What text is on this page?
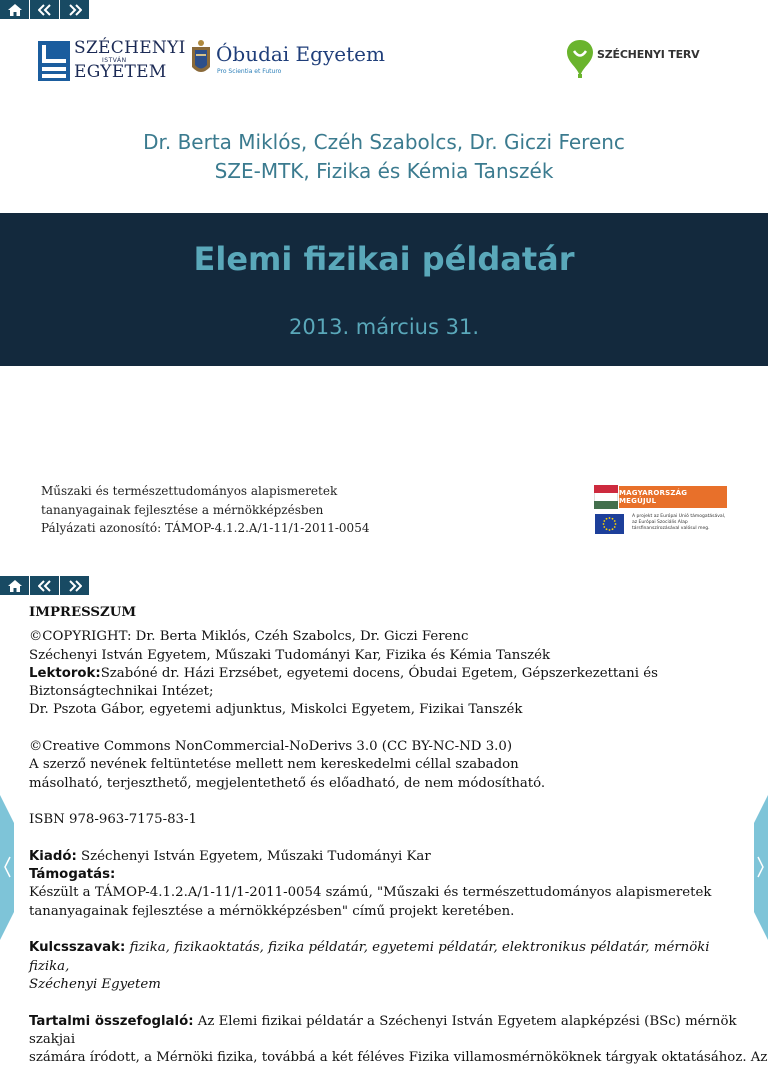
SZÉCHENYI
ISTVÁN
EGYETEM
Óbudai Egyetem
Pro Scientia et Futuro
SZÉCHENYI TERV
Dr. Berta Miklós, Czéh Szabolcs, Dr. Giczi Ferenc
SZE-MTK, Fizika és Kémia Tanszék
Elemi fizikai példatár
2013. március 31.
Műszaki és természettudományos alapismeretek
tananyagainak fejlesztése a mérnökképzésben
Pályázati azonosító: TÁMOP-4.1.2.A/1-11/1-2011-0054
MAGYARORSZÁG MEGÚJUL
A projekt az Európai Unió támogatásával, az Európai Szociális Alap társfinanszírozásával valósul meg.

IMPRESSZUM

©COPYRIGHT: Dr. Berta Miklós, Czéh Szabolcs, Dr. Giczi Ferenc

Széchenyi István Egyetem, Műszaki Tudományi Kar, Fizika és Kémia Tanszék

Lektorok:Szabóné dr. Házi Erzsébet, egyetemi docens, Óbudai Egetem, Gépszerkezettani és

Biztonságtechnikai Intézet;

Dr. Pszota Gábor, egyetemi adjunktus, Miskolci Egyetem, Fizikai Tanszék

©Creative Commons NonCommercial-NoDerivs 3.0 (CC BY-NC-ND 3.0)

A szerző nevének feltüntetése mellett nem kereskedelmi céllal szabadon

másolható, terjeszthető, megjelentethető és előadható, de nem módosítható.

ISBN 978-963-7175-83-1

Kiadó: Széchenyi István Egyetem, Műszaki Tudományi Kar

Támogatás:

Készült a TÁMOP-4.1.2.A/1-11/1-2011-0054 számú, "Műszaki és természettudományos alapismeretek

tananyagainak fejlesztése a mérnökképzésben" című projekt keretében.

Kulcsszavak: fizika, fizikaoktatás, fizika példatár, egyetemi példatár, elektronikus példatár, mérnöki fizika,

Széchenyi Egyetem

Tartalmi összefoglaló: Az Elemi fizikai példatár a Széchenyi István Egyetem alapképzési (BSc) mérnök szakjai

számára íródott, a Mérnöki fizika, továbbá a két féléves Fizika villamosmérnököknek tárgyak oktatásához. Az
